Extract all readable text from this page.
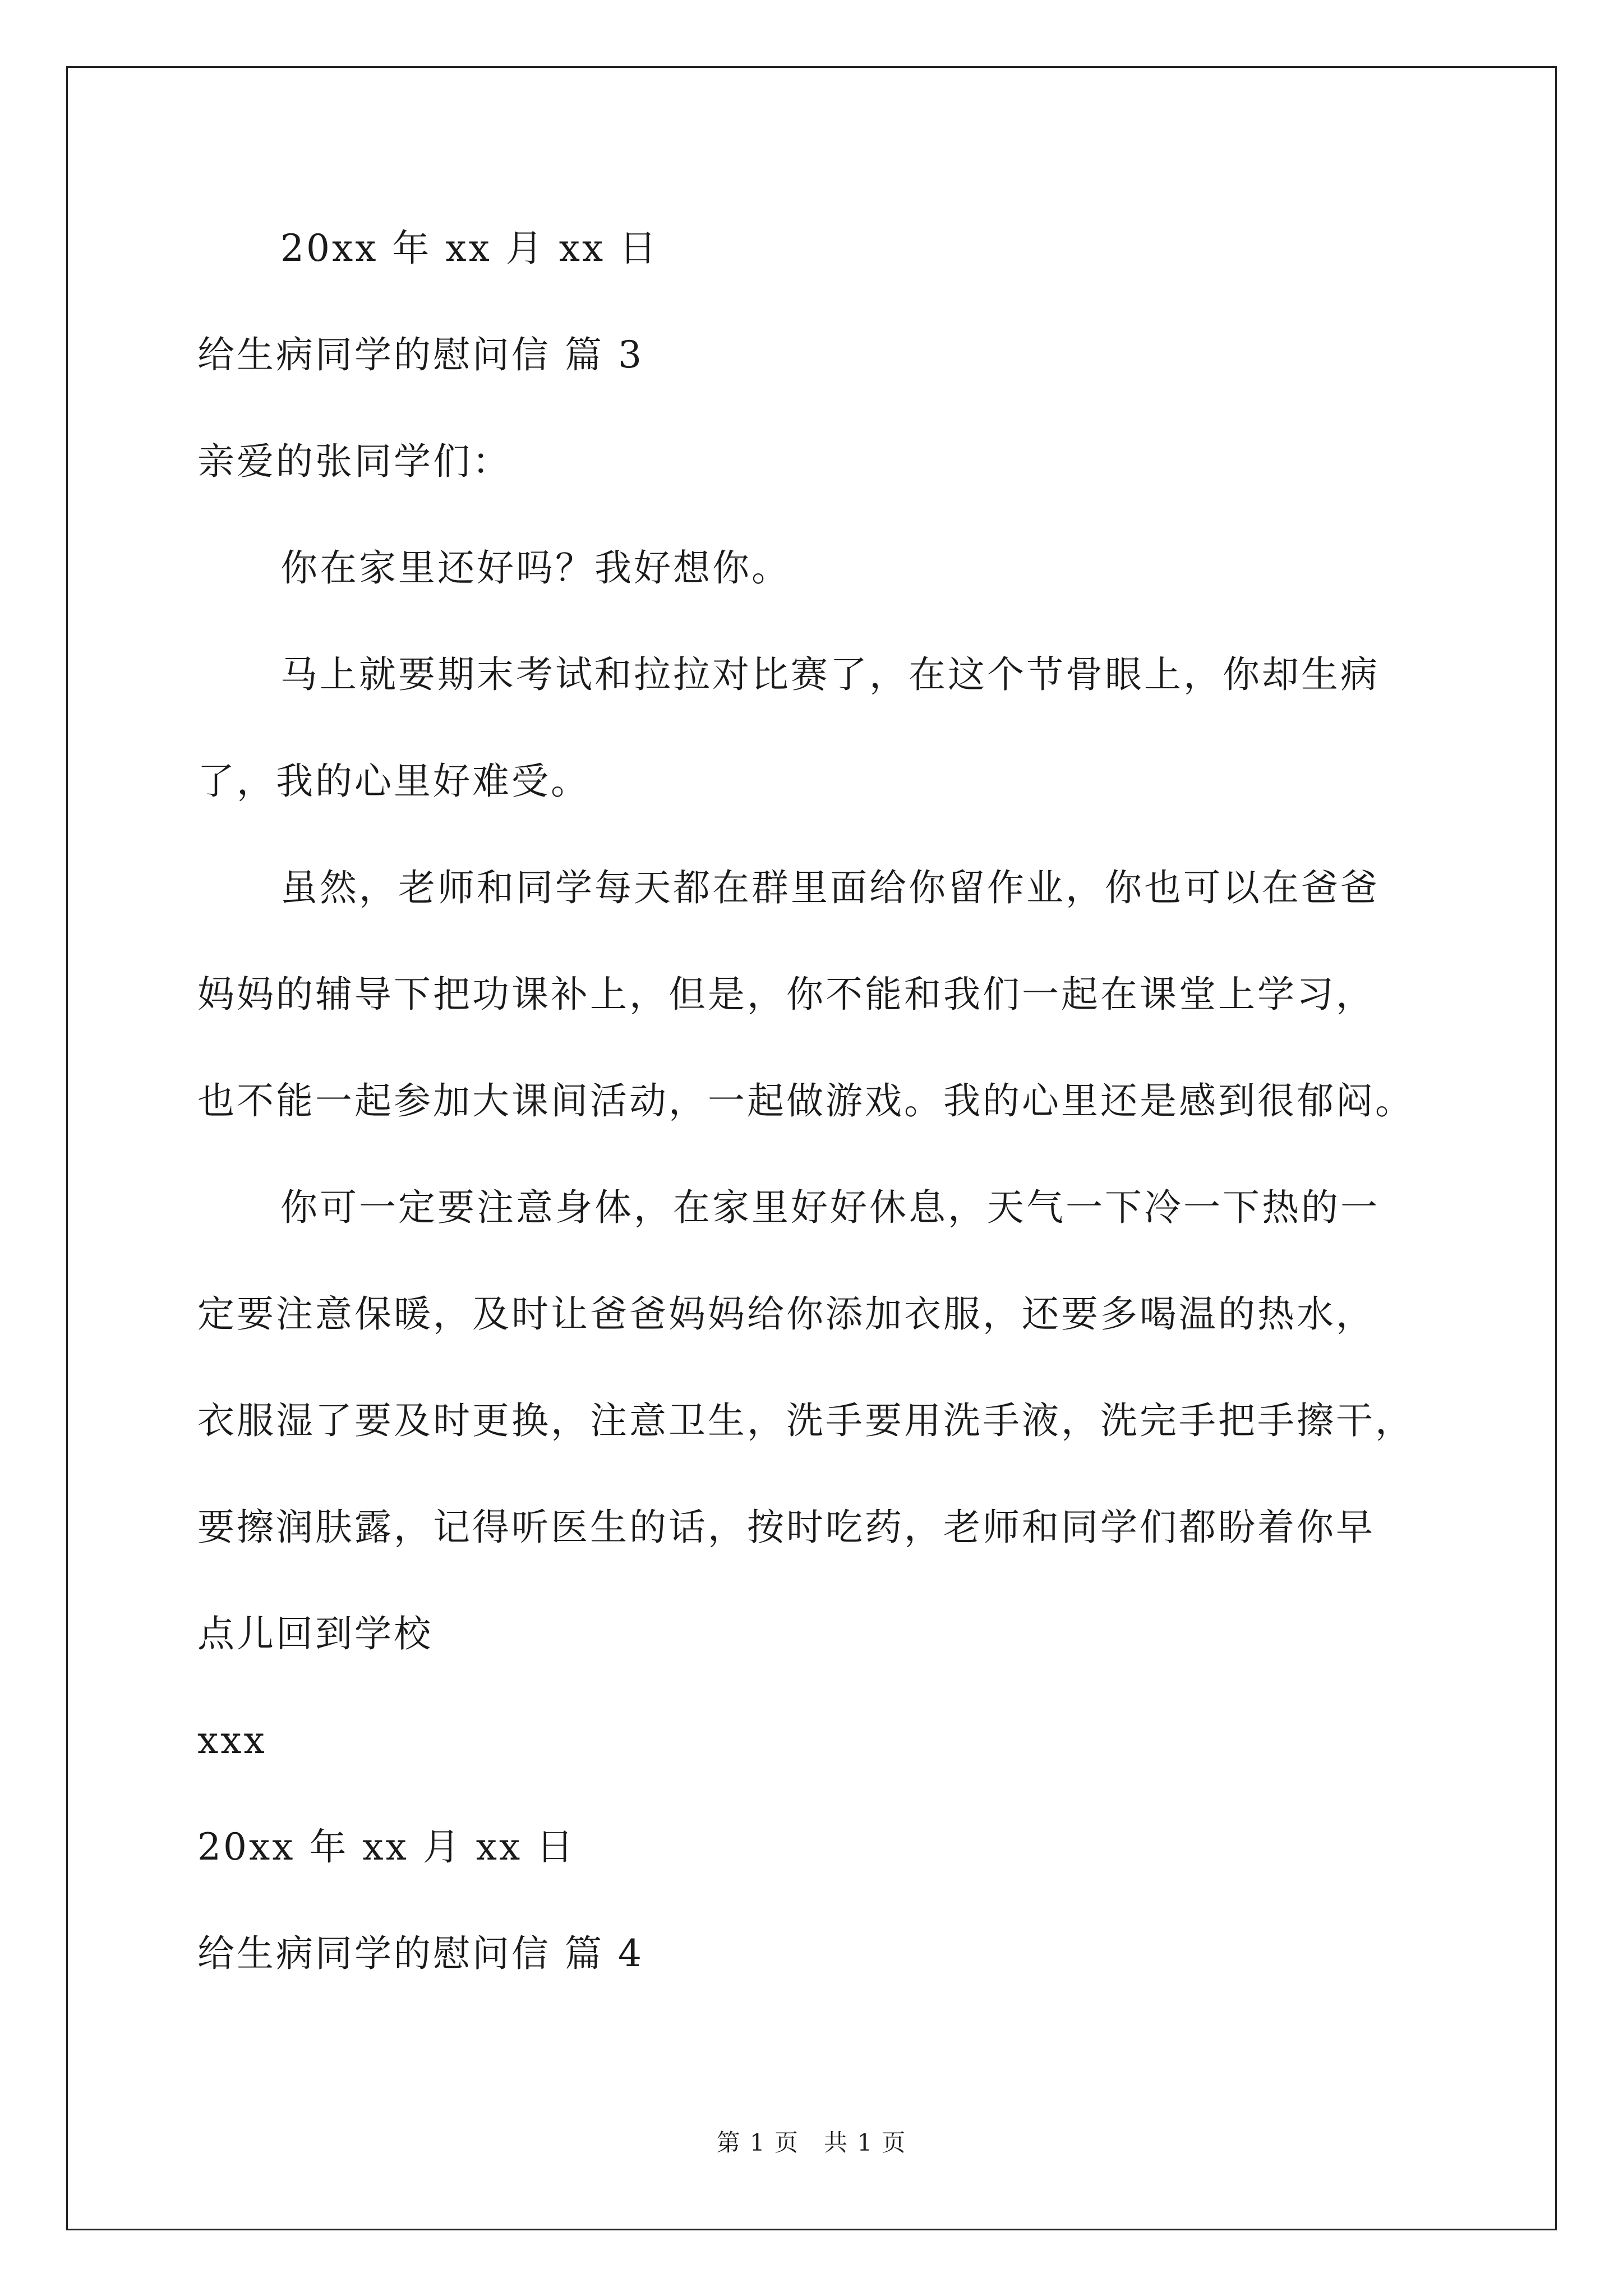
20xx 年 xx 月 xx 日
给生病同学的慰问信 篇 3
亲爱的张同学们：
你在家里还好吗？我好想你。
马上就要期末考试和拉拉对比赛了，在这个节骨眼上，你却生病
了，我的心里好难受。
虽然，老师和同学每天都在群里面给你留作业，你也可以在爸爸
妈妈的辅导下把功课补上，但是，你不能和我们一起在课堂上学习，
也不能一起参加大课间活动，一起做游戏。我的心里还是感到很郁闷。
你可一定要注意身体，在家里好好休息，天气一下冷一下热的一
定要注意保暖，及时让爸爸妈妈给你添加衣服，还要多喝温的热水，
衣服湿了要及时更换，注意卫生，洗手要用洗手液，洗完手把手擦干，
要擦润肤露，记得听医生的话，按时吃药，老师和同学们都盼着你早
点儿回到学校
xxx
20xx 年 xx 月 xx 日
给生病同学的慰问信 篇 4
第 1 页　共 1 页
